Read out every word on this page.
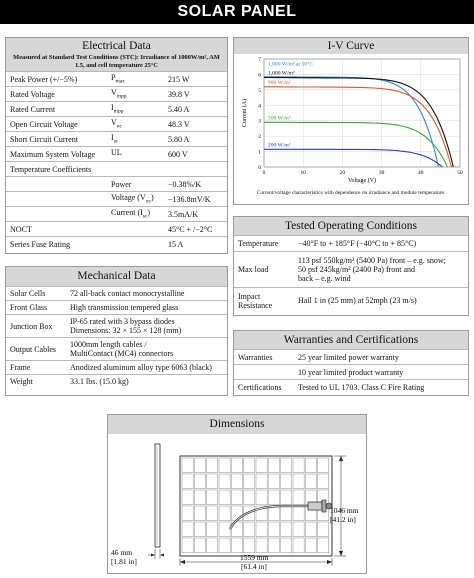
SOLAR PANEL
Electrical Data
Measured at Standard Test Conditions (STC): Irradiance of 1000W/m², AM 1.5, and cell temperature 25°C
Peak Power (+/−5%)	$P_{max}$	215 W
Rated Voltage	$V_{mpp}$	39.8 V
Rated Current	$I_{mpp}$	5.40 A
Open Circuit Voltage	$V_{oc}$	48.3 V
Short Circuit Current	$I_{sc}$	5.80 A
Maximum System Voltage	UL	600 V
Temperature Coefficients
Power	−0.38%/K
Voltage $(V_{oc})$	−136.8mV/K
Current $(I_{sc})$	3.5mA/K
NOCT	45°C + /−2°C
Series Fuse Rating	15 A
Mechanical Data
Solar Cells	72 all-back contact monocrystalline
Front Glass	High transmission tempered glass
Junction Box	IP-65 rated with 3 bypass diodes
Dimensions: 32 × 155 × 128 (mm)
Output Cables	1000mm length cables /
MultiContact (MC4) connectors
Frame	Anodized aluminum alloy type 6063 (black)
Weight	33.1 lbs. (15.0 kg)
I-V Curve
0	10	20	30	40	50
0
1
2
3
4
5
6
7
Voltage (V)
Current (A)
1,000 W/m² at 50°C
1,000 W/m²
900 W/m²
500 W/m²
200 W/m²
Current/voltage characteristics with dependence on irradiance and module temperature.
Tested Operating Conditions
Temperature	−40°F to + 185°F (−40°C to + 85°C)
Max load
113 psf 550kg/m² (5400 Pa) front – e.g. snow;
50 psf 245kg/m² (2400 Pa) front and
back – e.g. wind
Impact
Resistance	Hail 1 in (25 mm) at 52mph (23 m/s)
Warranties and Certifications
Warranties	25 year limited power warranty
10 year limited product warranty
Certifications	Tested to UL 1703. Class C Fire Rating
Dimensions
1046 mm
[41.2 in]
1559 mm
[61.4 in]
46 mm
[1.81 in]
